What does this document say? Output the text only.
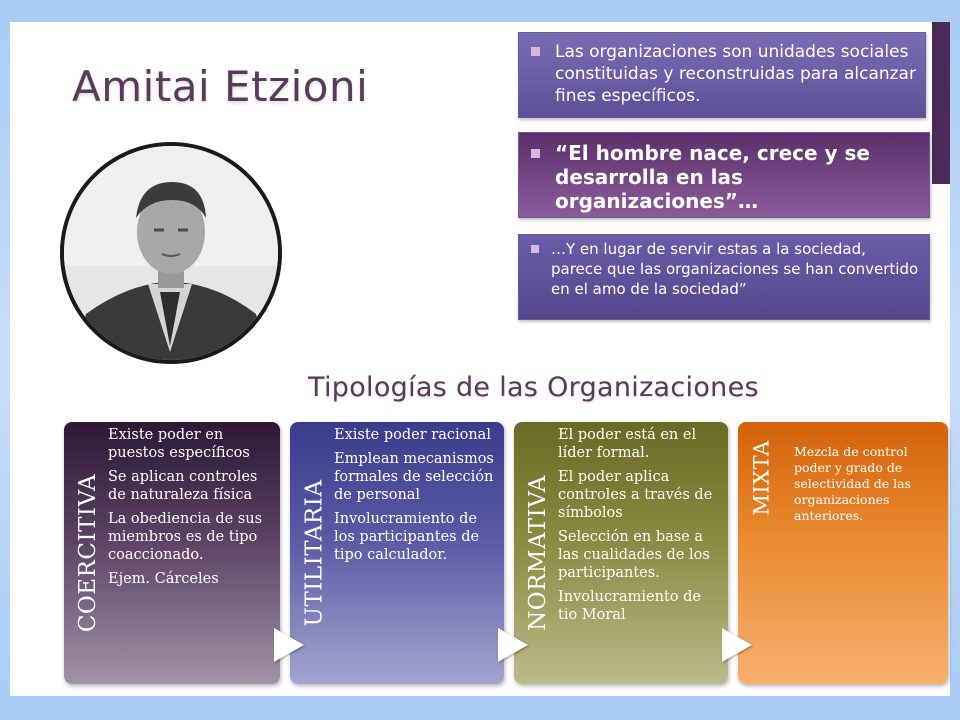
Amitai Etzioni
Las organizaciones son unidades sociales constituidas y reconstruidas para alcanzar fines específicos.
“El hombre nace, crece y se desarrolla en las organizaciones”…
…Y en lugar de servir estas a la sociedad, parece que las organizaciones se han convertido en el amo de la sociedad”
Tipologías de las Organizaciones
COERCITIVA

Existe poder en puestos específicos

Se aplican controles de naturaleza física

La obediencia de sus miembros es de tipo coaccionado.

Ejem. Cárceles	UTILITARIA

Existe poder racional

Emplean mecanismos formales de selección de personal

Involucramiento de los participantes de tipo calculador.	NORMATIVA

El poder está en el líder formal.

El poder aplica controles a través de símbolos

Selección en base a las cualidades de los participantes.

Involucramiento de tio Moral

MIXTA Mezcla de control poder y grado de selectividad de las organizaciones anteriores.
